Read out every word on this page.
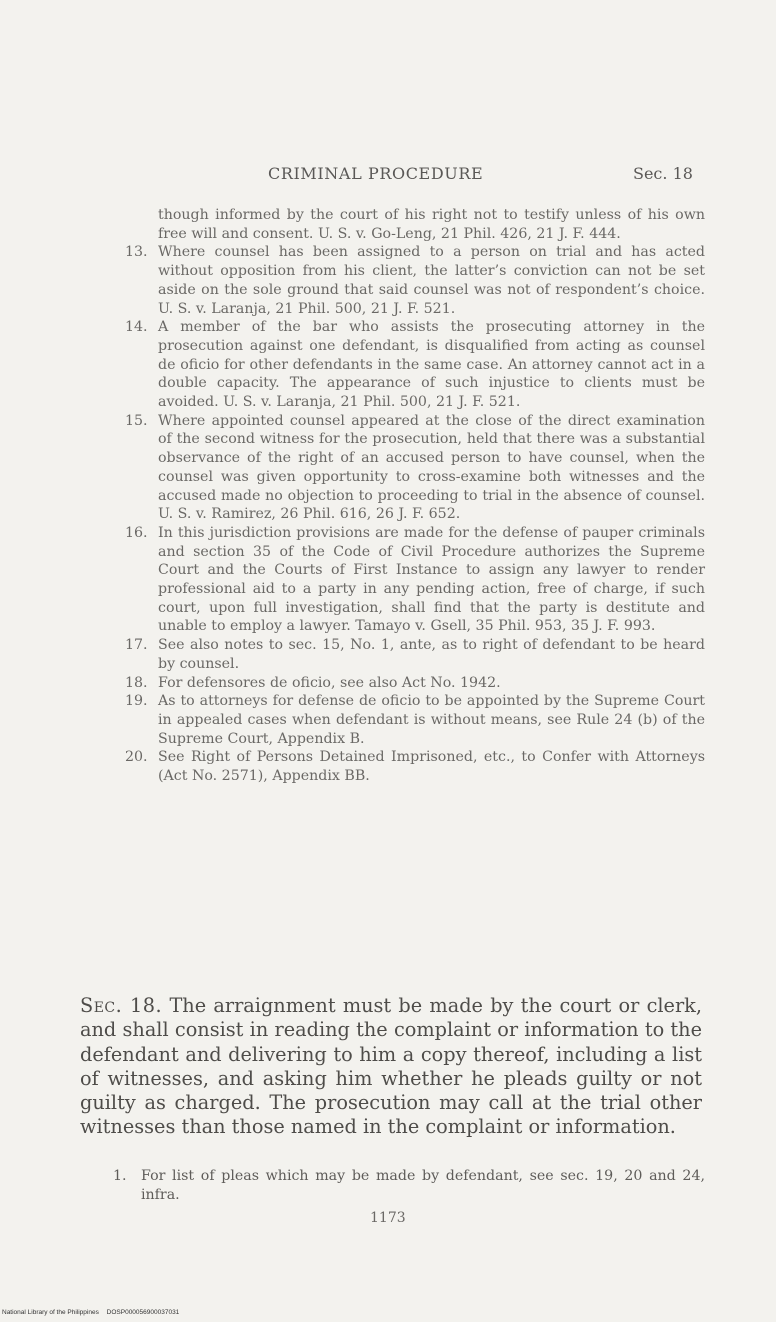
CRIMINAL PROCEDURE	Sec. 18

though informed by the court of his right not to testify unless of his own free will and consent. U. S. v. Go-Leng, 21 Phil. 426, 21 J. F. 444.

13. Where counsel has been assigned to a person on trial and has acted without opposition from his client, the latter’s conviction can not be set aside on the sole ground that said counsel was not of respondent’s choice. U. S. v. Laranja, 21 Phil. 500, 21 J. F. 521.

14. A member of the bar who assists the prosecuting attorney in the prosecution against one defendant, is disqualified from acting as counsel de oficio for other defendants in the same case. An attorney cannot act in a double capacity. The appearance of such injustice to clients must be avoided. U. S. v. Laranja, 21 Phil. 500, 21 J. F. 521.

15. Where appointed counsel appeared at the close of the direct examination of the second witness for the prosecution, held that there was a substantial observance of the right of an accused person to have counsel, when the counsel was given opportunity to cross-examine both witnesses and the accused made no objection to proceeding to trial in the absence of counsel. U. S. v. Ramirez, 26 Phil. 616, 26 J. F. 652.

16. In this jurisdiction provisions are made for the defense of pauper criminals and section 35 of the Code of Civil Procedure authorizes the Supreme Court and the Courts of First Instance to assign any lawyer to render professional aid to a party in any pending action, free of charge, if such court, upon full investigation, shall find that the party is destitute and unable to employ a lawyer. Tamayo v. Gsell, 35 Phil. 953, 35 J. F. 993.

17. See also notes to sec. 15, No. 1, ante, as to right of defendant to be heard by counsel.

18. For defensores de oficio, see also Act No. 1942.

19. As to attorneys for defense de oficio to be appointed by the Supreme Court in appealed cases when defendant is without means, see Rule 24 (b) of the Supreme Court, Appendix B.

20. See Right of Persons Detained Imprisoned, etc., to Confer with Attorneys (Act No. 2571), Appendix BB.

Sec. 18. The arraignment must be made by the court or clerk, and shall consist in reading the complaint or information to the defendant and delivering to him a copy thereof, including a list of witnesses, and asking him whether he pleads guilty or not guilty as charged. The prosecution may call at the trial other witnesses than those named in the complaint or information.

1. For list of pleas which may be made by defendant, see sec. 19, 20 and 24, infra.

1173
National Library of the Philippines DOSP000056900037031
